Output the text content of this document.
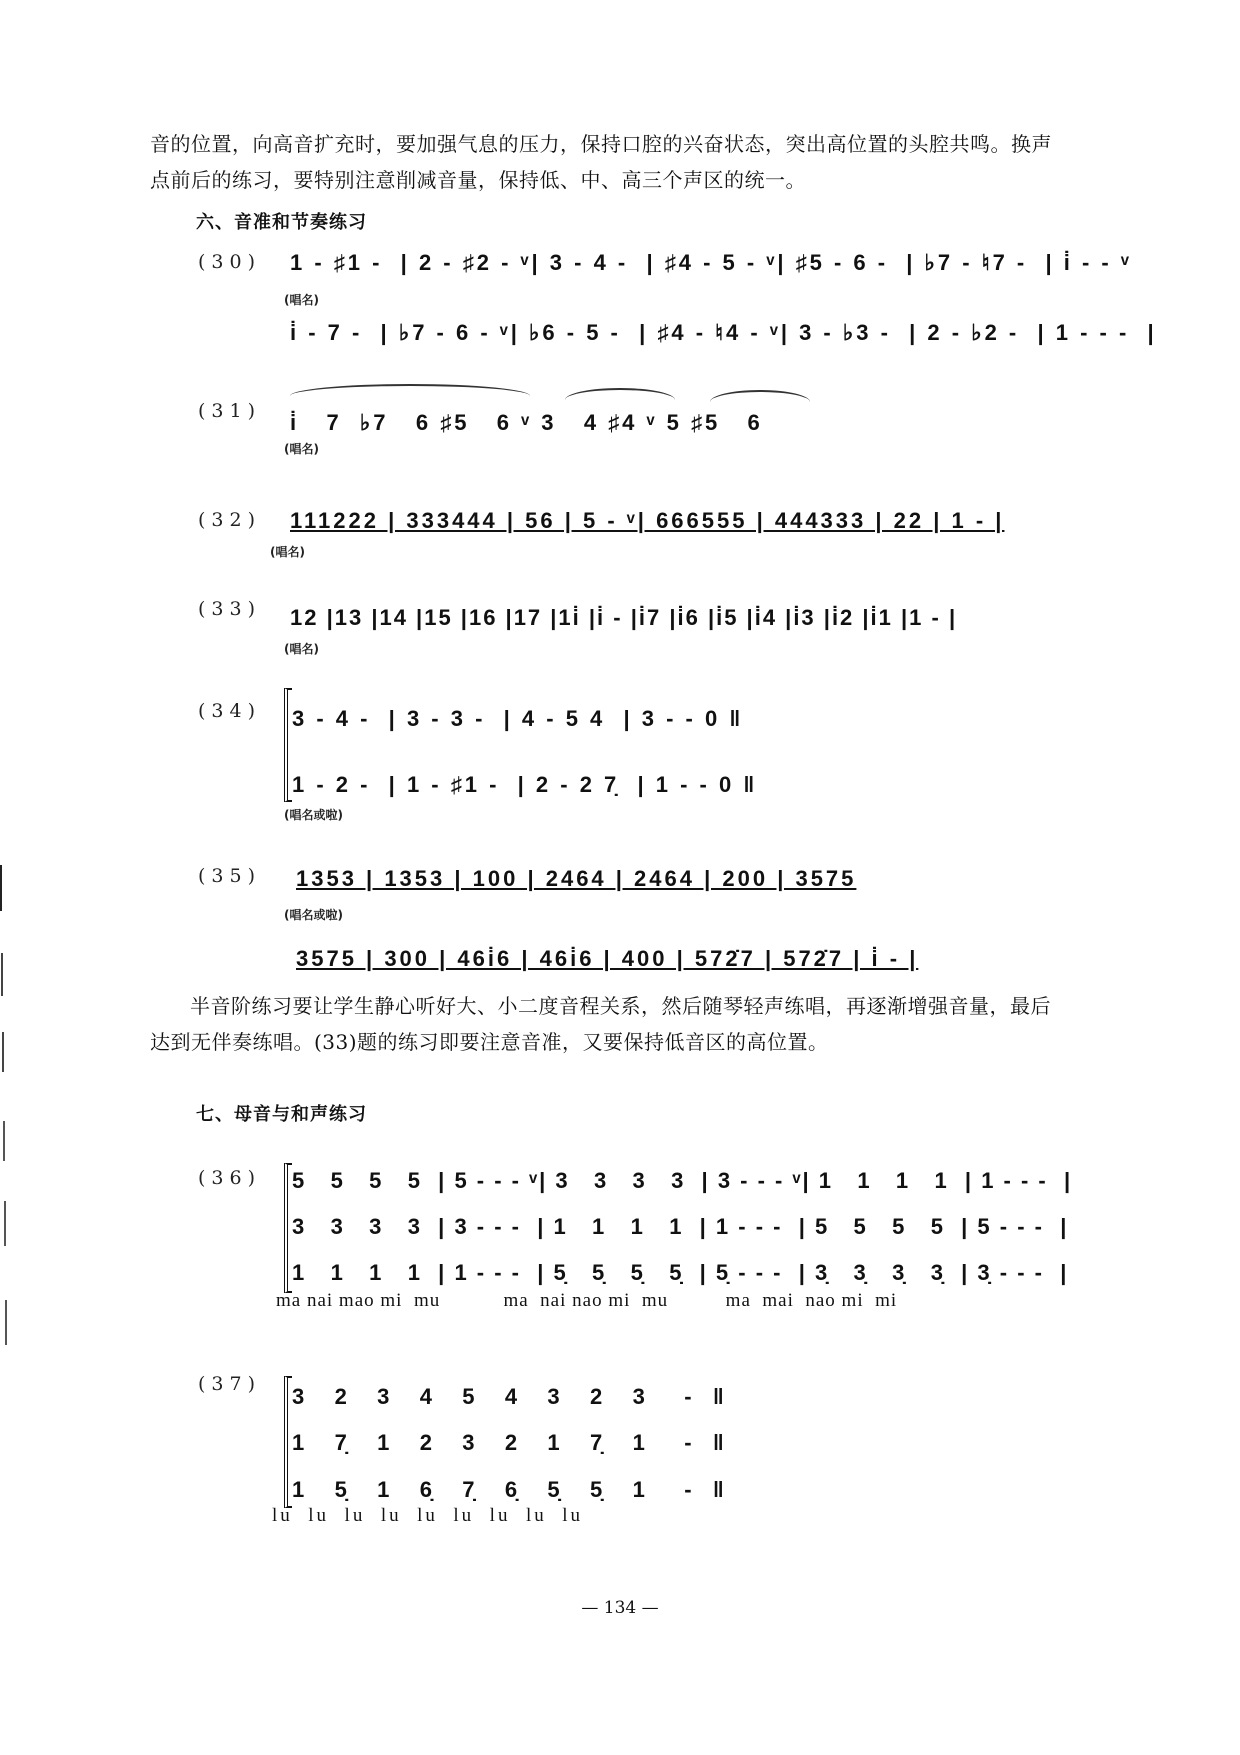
音的位置，向高音扩充时，要加强气息的压力，保持口腔的兴奋状态，突出高位置的头腔共鸣。换声
点前后的练习，要特别注意削减音量，保持低、中、高三个声区的统一。
六、音准和节奏练习
(30) 1 - ♯1 -  | 2 - ♯2 - ᵛ| 3 - 4 -  | ♯4 - 5 - ᵛ| ♯5 - 6 -  | ♭7 - ♮7 -  | i̇ - - ᵛ
(唱名)
i̇ - 7 -  | ♭7 - 6 - ᵛ| ♭6 - 5 -  | ♯4 - ♮4 - ᵛ| 3 - ♭3 -  | 2 - ♭2 -  | 1 - - -  |
(31) i̇   7  ♭7   6 ♯5   6 ᵛ 3   4 ♯4 ᵛ 5 ♯5   6
(唱名)
(32) 111222 | 333444 | 56 | 5 - ᵛ| 666555 | 444333 | 22 | 1 - |
(唱名)
(33) 12 |13 |14 |15 |16 |17 |1i̇ |i̇ - |i̇7 |i̇6 |i̇5 |i̇4 |i̇3 |i̇2 |i̇1 |1 - |
(唱名)
(34) 3 - 4 -  | 3 - 3 -  | 4 - 5 4  | 3 - - 0 ‖
1 - 2 -  | 1 - ♯1 -  | 2 - 2 7̣  | 1 - - 0 ‖
(唱名或啦)
(35) 1353 | 1353 | 100 | 2464 | 2464 | 200 | 3575
(唱名或啦)
3575 | 300 | 46i̇6 | 46i̇6 | 400 | 572̇7 | 572̇7 | i̇ - |
半音阶练习要让学生静心听好大、小二度音程关系，然后随琴轻声练唱，再逐渐增强音量，最后
达到无伴奏练唱。(33)题的练习即要注意音准，又要保持低音区的高位置。
七、母音与和声练习
(36) 5   5   5   5  | 5 - - - ᵛ| 3   3   3   3  | 3 - - - ᵛ| 1   1   1   1  | 1 - - -  |
3   3   3   3  | 3 - - -  | 1   1   1   1  | 1 - - -  | 5   5   5   5  | 5 - - -  |
1   1   1   1  | 1 - - -  | 5̣   5̣   5̣   5̣  | 5̣ - - -  | 3̣   3̣   3̣   3̣  | 3̣ - - -  |
ma nai mao mi  mu           ma  nai nao mi  mu          ma  mai  nao mi  mi
(37) 3   2   3   4   5   4   3   2   3    -  ‖
1   7̣   1   2   3   2   1   7̣   1    -  ‖
1   5̣   1   6̣   7̣   6̣   5̣   5̣   1    -  ‖
lu  lu  lu  lu  lu  lu  lu  lu  lu
— 134 —
